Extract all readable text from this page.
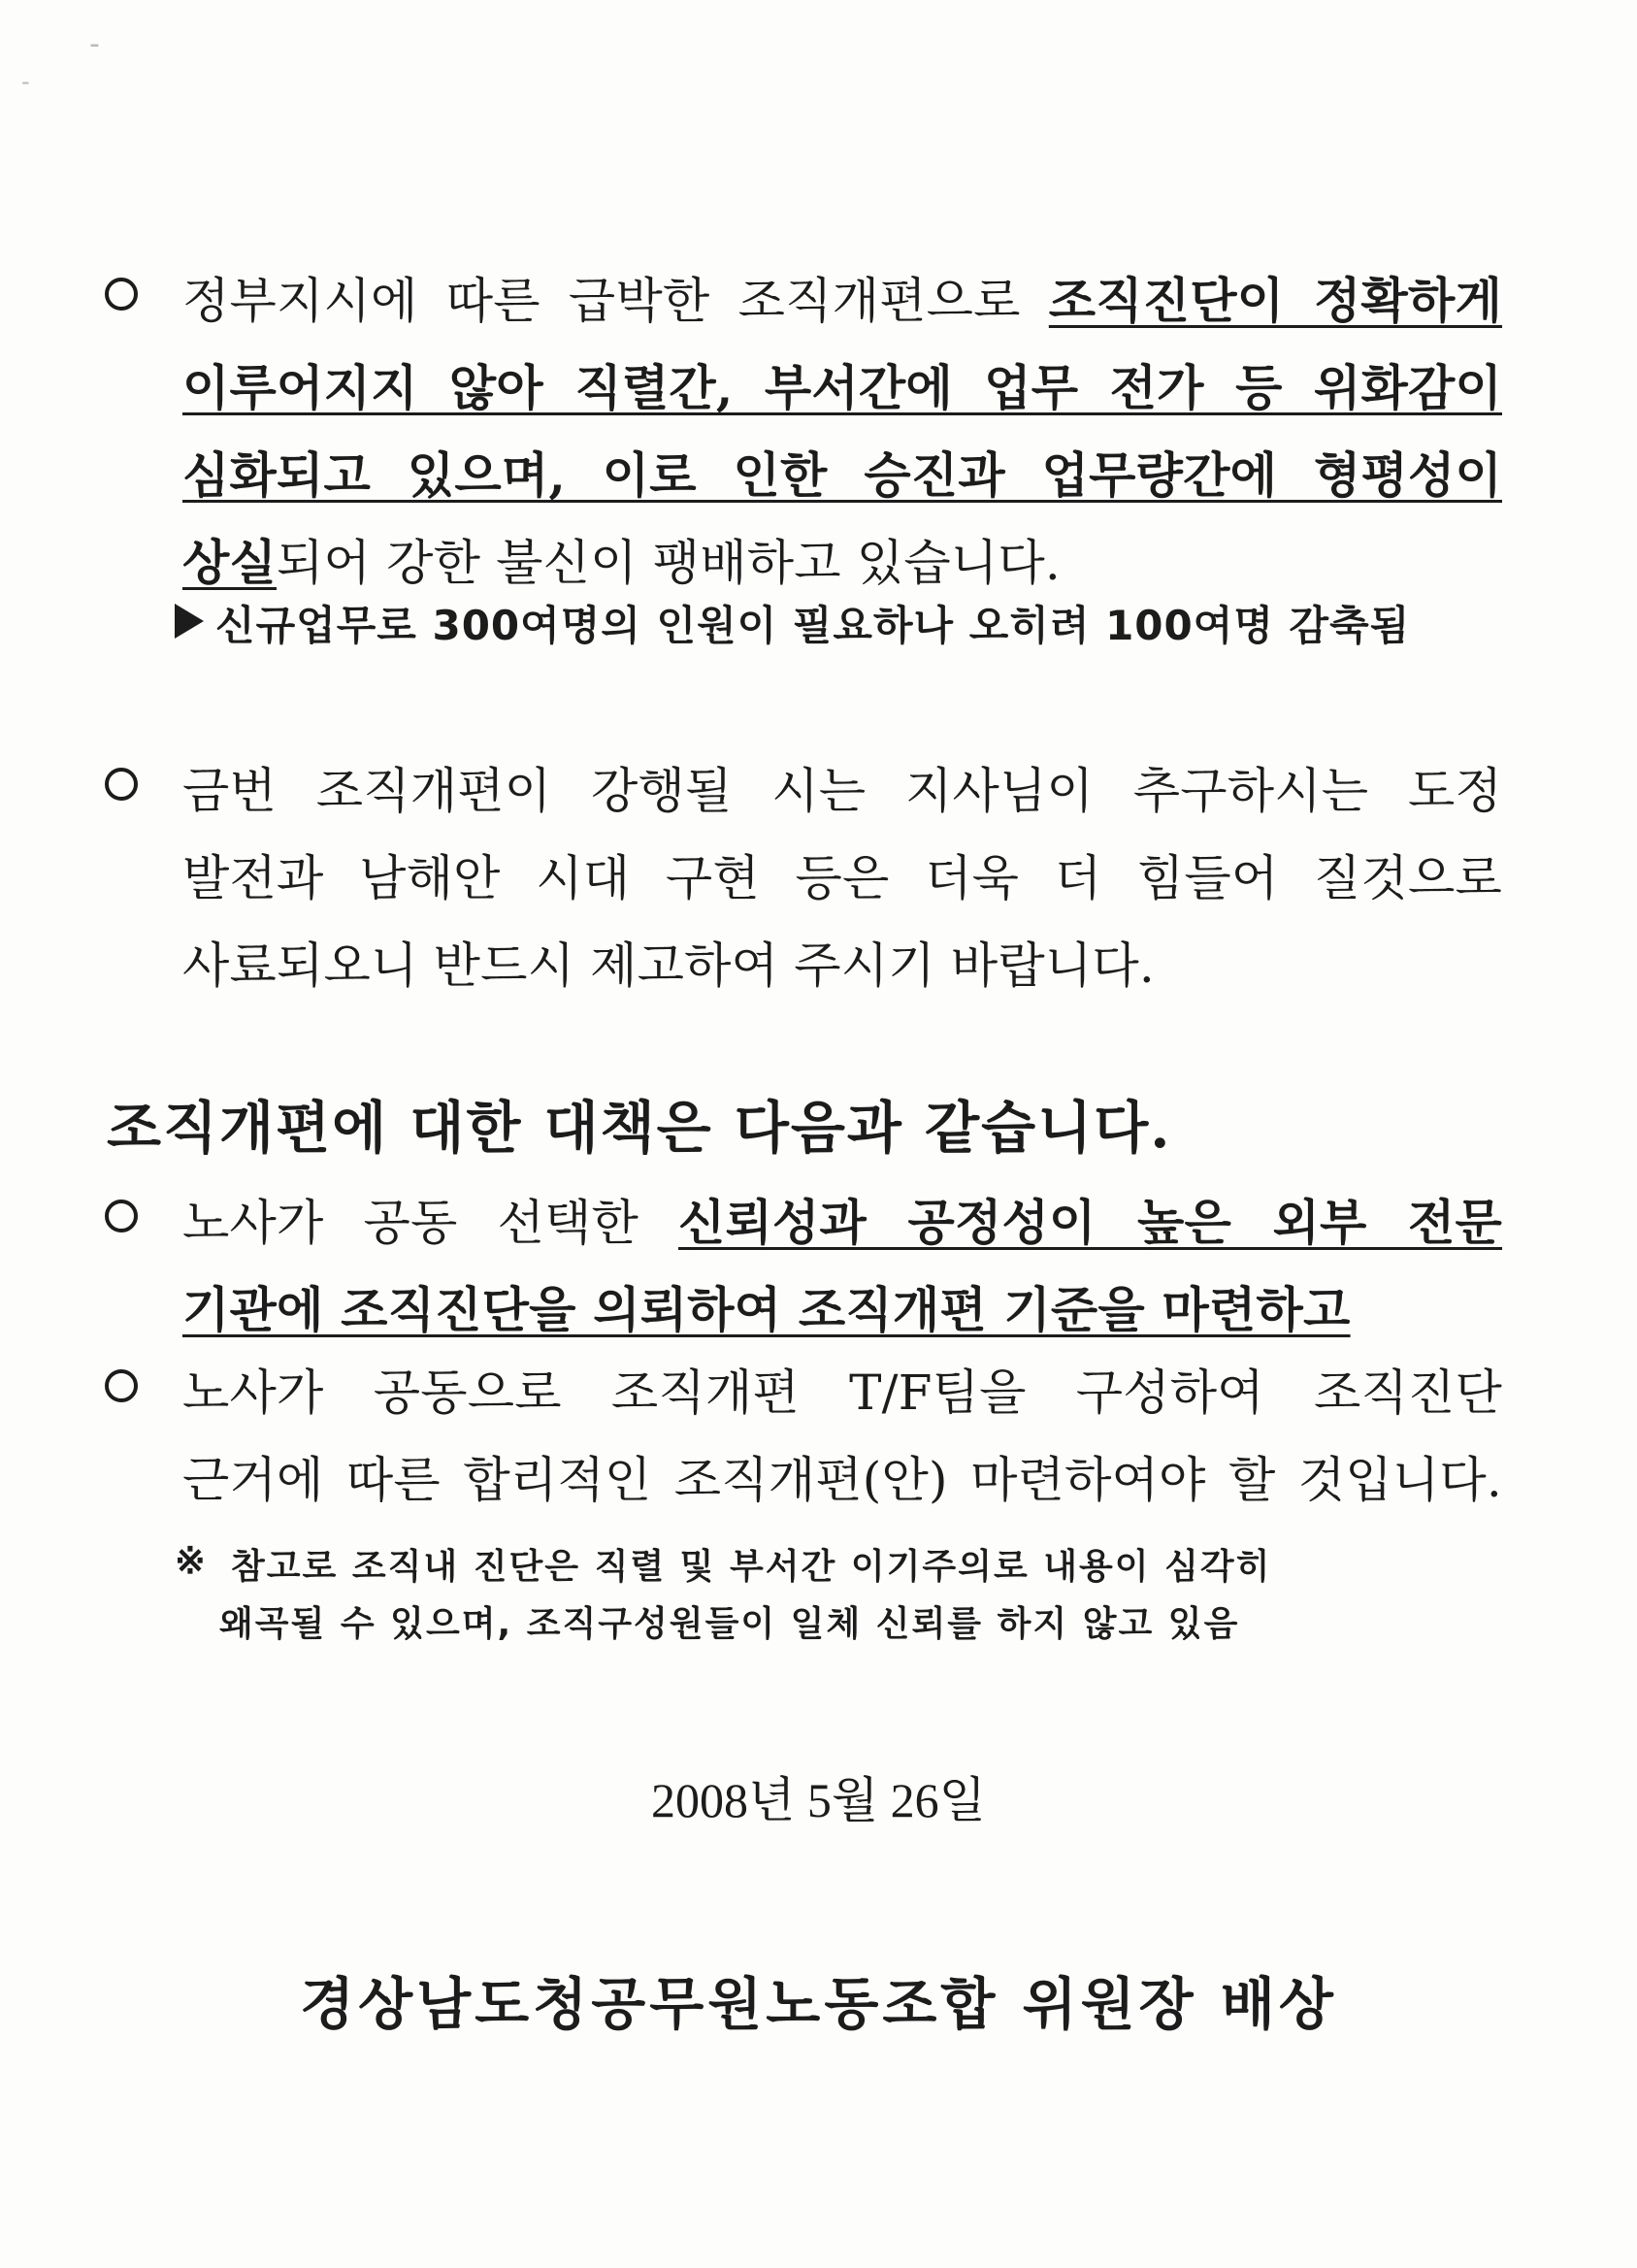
-
-
정부지시에 따른 급박한 조직개편으로 조직진단이 정확하게
이루어지지 않아 직렬간, 부서간에 업무 전가 등 위화감이
심화되고 있으며, 이로 인한 승진과 업무량간에 형평성이
상실되어 강한 불신이 팽배하고 있습니다.
신규업무로 300여명의 인원이 필요하나 오히려 100여명 감축됨
금번 조직개편이 강행될 시는 지사님이 추구하시는 도정
발전과 남해안 시대 구현 등은 더욱 더 힘들어 질것으로
사료되오니 반드시 제고하여 주시기 바랍니다.
조직개편에 대한 대책은 다음과 같습니다.
노사가 공동 선택한 신뢰성과 공정성이 높은 외부 전문
기관에 조직진단을 의뢰하여 조직개편 기준을 마련하고
노사가 공동으로 조직개편 T/F팀을 구성하여 조직진단
근거에 따른 합리적인 조직개편(안) 마련하여야 할 것입니다.
※ 참고로 조직내 진단은 직렬 및 부서간 이기주의로 내용이 심각히
왜곡될 수 있으며, 조직구성원들이 일체 신뢰를 하지 않고 있음
2008년 5월 26일
경상남도청공무원노동조합 위원장 배상
